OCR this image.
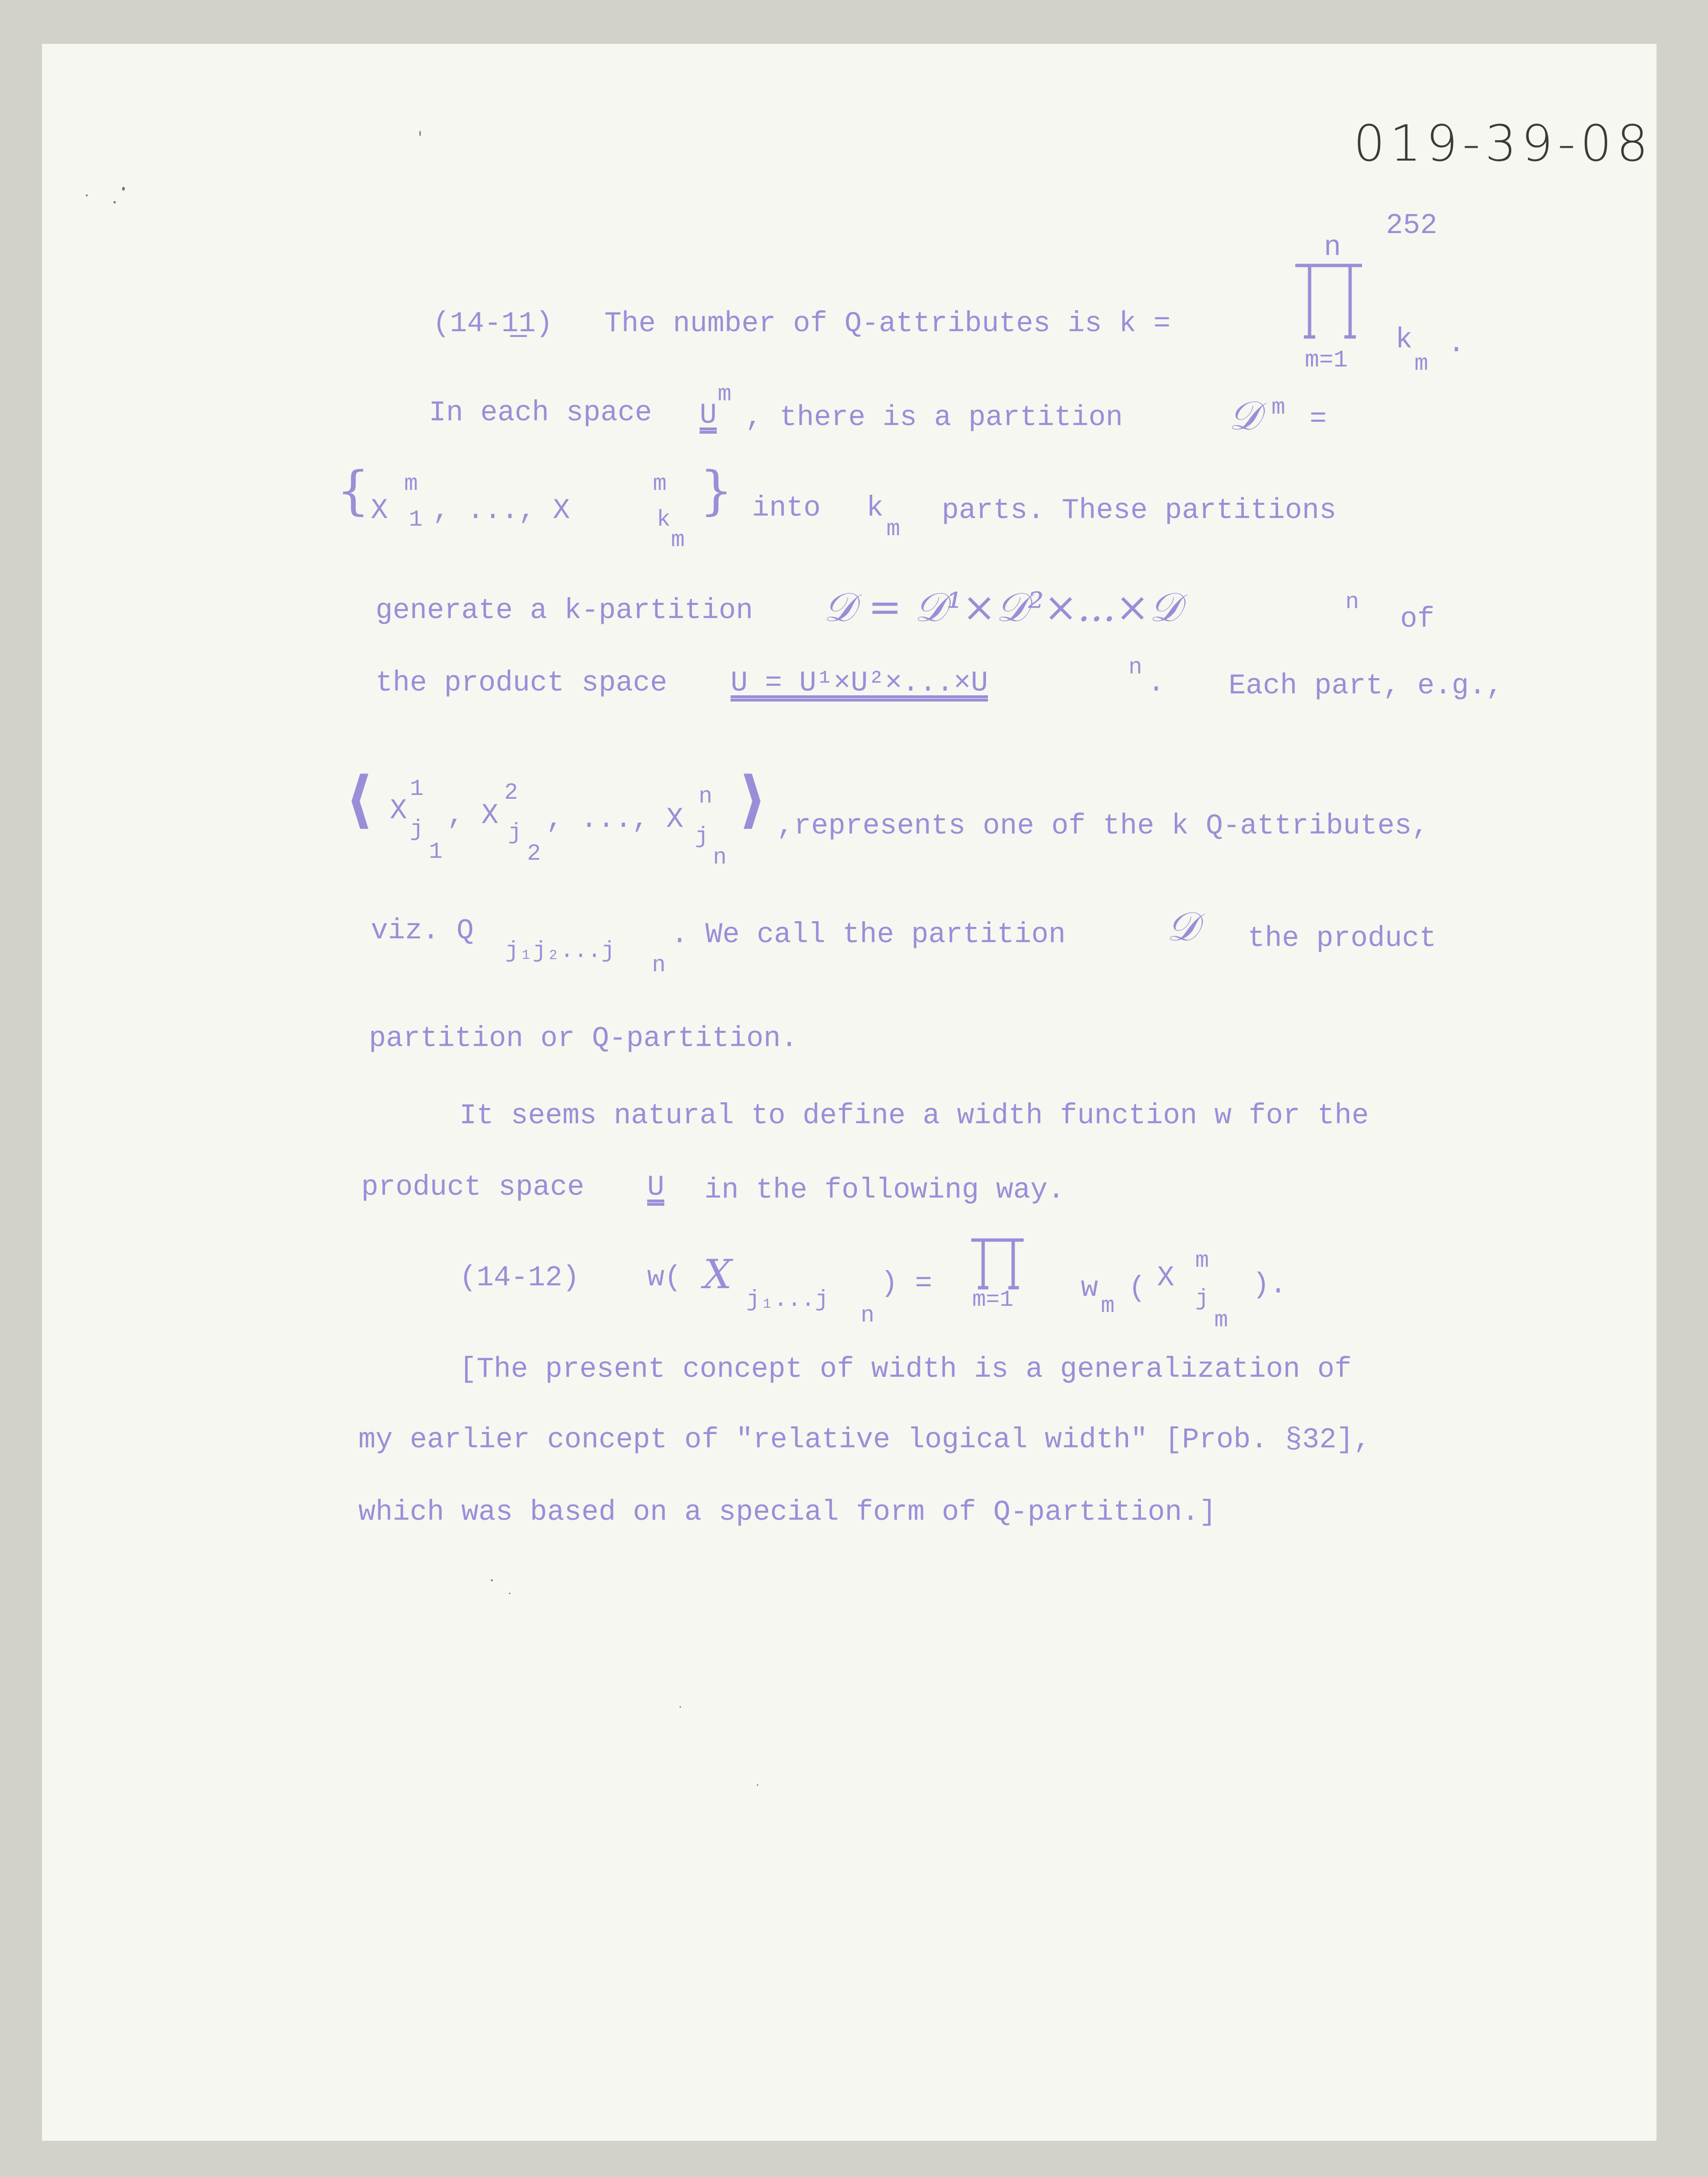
019-39-08
252
(14-1̲1) The number of Q-attributes is k =
n
m=1
k
m
.
In each space U
m
, there is a partition	𝒟 m =
{ X
m
1 , ..., X
m
k
m
} into k
m
parts. These partitions
generate a k-partition 𝒟 = 𝒟¹×𝒟²×...×𝒟	n
of
the product space U = U¹×U²×...×U	n . Each part, e.g.,
⟨ X
1
j
1
, X
2
j
2
, ..., X
n
j
n
⟩ ,represents one of the k Q-attributes,
viz. Q
j₁j₂...j
n
. We call the partition	𝒟 the product
partition or Q-partition.
It seems natural to define a width function w for the
product space U in the following way.
(14-12) w( X
j₁...j
n
) = m=1 w
m
( X
m
j
m
).
[The present concept of width is a generalization of
my earlier concept of "relative logical width" [Prob. §32],
which was based on a special form of Q-partition.]
